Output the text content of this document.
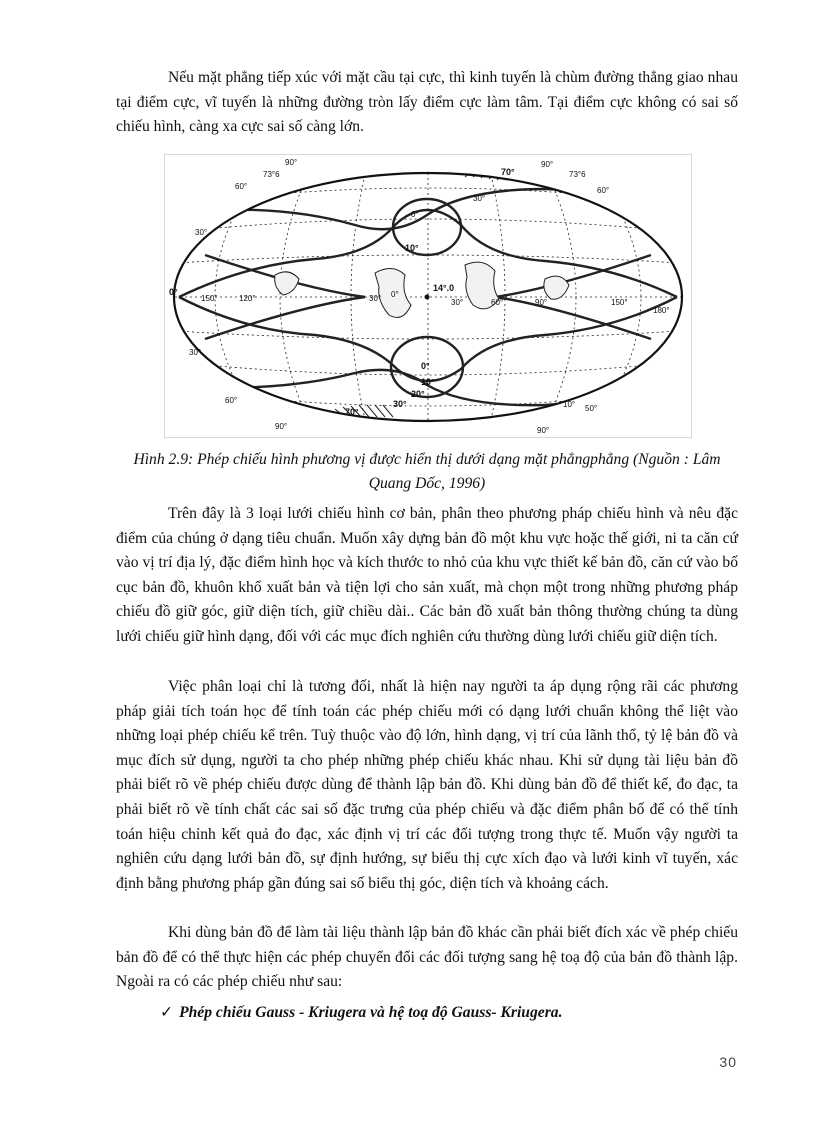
Nếu mặt phẳng tiếp xúc với mặt cầu tại cực, thì kinh tuyến là chùm đường thẳng giao nhau tại điểm cực, vĩ tuyến là những đường tròn lấy điểm cực làm tâm. Tại điểm cực không có sai số chiếu hình, càng xa cực sai số càng lớn.

90°
73°6
60°
30°
0°
150°	120°	30° 0°
0°
10°
14°.0
30°	60°	90°	150°
180°
70°
90°
73°6
30°
60°
30°
60°
90°
0°
10°
20°
30°
70°
10° 50°
90°

Hình 2.9: Phép chiếu hình phương vị được hiển thị dưới dạng mặt phẳngphẳng (Nguồn : Lâm Quang Dốc, 1996)

Trên đây là 3 loại lưới chiếu hình cơ bản, phân theo phương pháp chiếu hình và nêu đặc điểm của chúng ở dạng tiêu chuẩn. Muốn xây dựng bản đồ một khu vực hoặc thế giới, ni ta căn cứ vào vị trí địa lý, đặc điểm hình học và kích thước to nhỏ của khu vực thiết kế bản đồ, căn cứ vào bố cục bản đồ, khuôn khổ xuất bản và tiện lợi cho sản xuất, mà chọn một trong những phương pháp chiếu đồ giữ góc, giữ diện tích, giữ chiều dài.. Các bản đồ xuất bản thông thường chúng ta dùng lưới chiếu giữ hình dạng, đối với các mục đích nghiên cứu thường dùng lưới chiếu giữ diện tích.

Việc phân loại chỉ là tương đối, nhất là hiện nay người ta áp dụng rộng rãi các phương pháp giải tích toán học để tính toán các phép chiếu mới có dạng lưới chuẩn không thể liệt vào những loại phép chiếu kể trên. Tuỳ thuộc vào độ lớn, hình dạng, vị trí của lãnh thổ, tỷ lệ bản đồ và mục đích sử dụng, người ta cho phép những phép chiếu khác nhau. Khi sử dụng tài liệu bản đồ phải biết rõ về phép chiếu được dùng để thành lập bản đồ. Khi dùng bản đồ để thiết kế, đo đạc, ta phải biết rõ về tính chất các sai số đặc trưng của phép chiếu và đặc điểm phân bố để có thể tính toán hiệu chỉnh kết quả đo đạc, xác định vị trí các đối tượng trong thực tế. Muốn vậy người ta nghiên cứu dạng lưới bản đồ, sự định hướng, sự biểu thị cực xích đạo và lưới kinh vĩ tuyến, xác định bằng phương pháp gần đúng sai số biểu thị góc, diện tích và khoảng cách.

Khi dùng bản đồ để làm tài liệu thành lập bản đồ khác cần phải biết đích xác về phép chiếu bản đồ để có thể thực hiện các phép chuyển đổi các đối tượng sang hệ toạ độ của bản đồ thành lập. Ngoài ra có các phép chiếu như sau:

✓ Phép chiếu Gauss - Kriugera và hệ toạ độ Gauss- Kriugera.
30
